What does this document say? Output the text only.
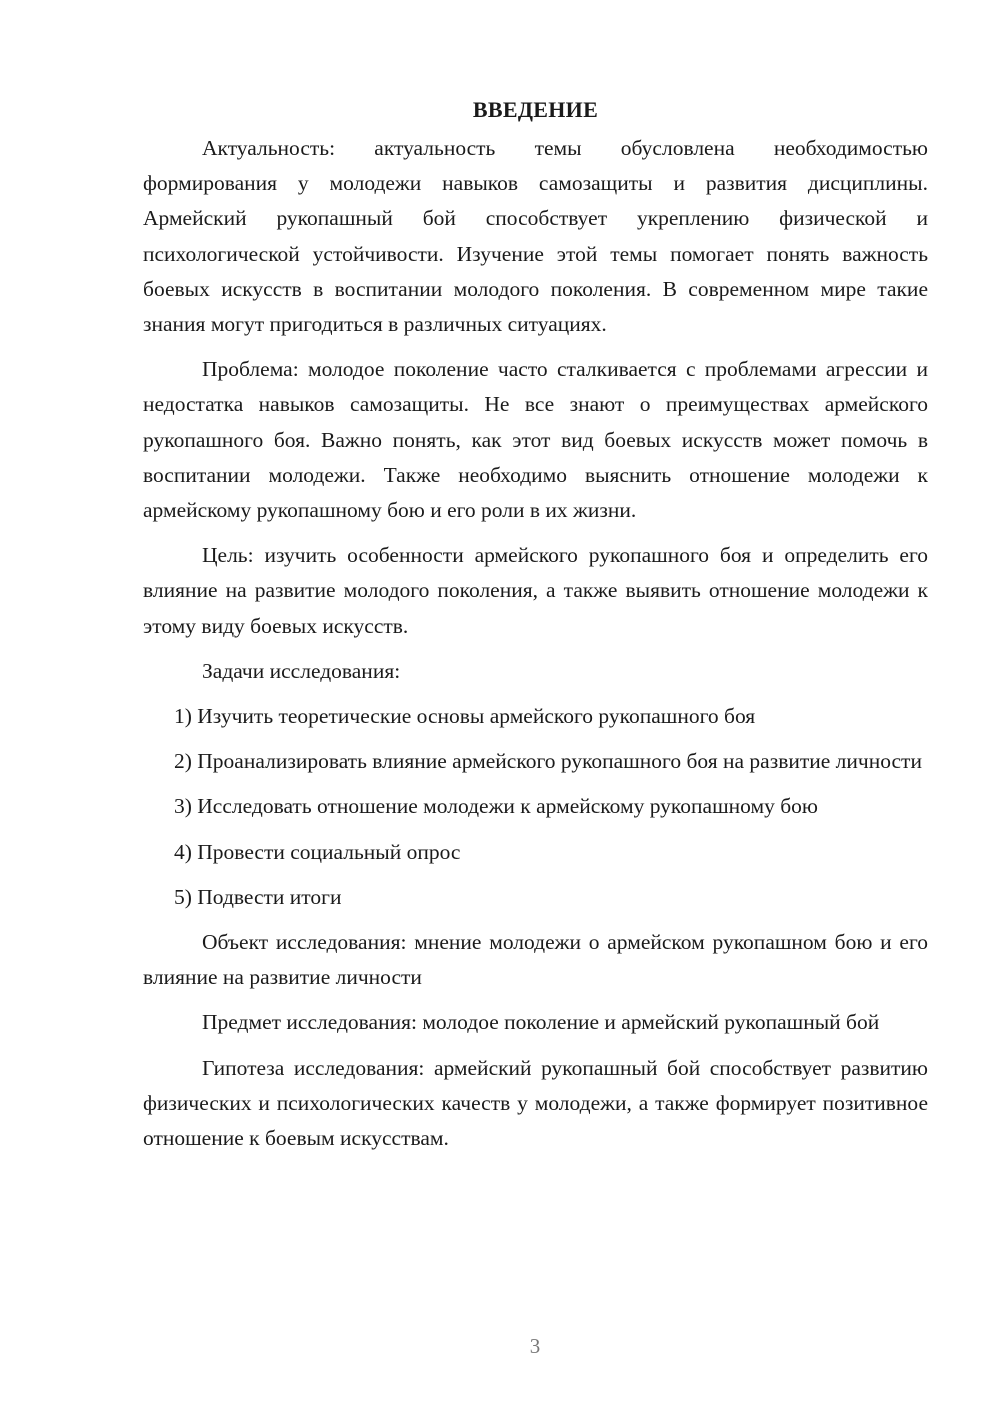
ВВЕДЕНИЕ

Актуальность: актуальность темы обусловлена необходимостью формирования у молодежи навыков самозащиты и развития дисциплины. Армейский рукопашный бой способствует укреплению физической и психологической устойчивости. Изучение этой темы помогает понять важность боевых искусств в воспитании молодого поколения. В современном мире такие знания могут пригодиться в различных ситуациях.

Проблема: молодое поколение часто сталкивается с проблемами агрессии и недостатка навыков самозащиты. Не все знают о преимуществах армейского рукопашного боя. Важно понять, как этот вид боевых искусств может помочь в воспитании молодежи. Также необходимо выяснить отношение молодежи к армейскому рукопашному бою и его роли в их жизни.

Цель: изучить особенности армейского рукопашного боя и определить его влияние на развитие молодого поколения, а также выявить отношение молодежи к этому виду боевых искусств.

Задачи исследования:

1) Изучить теоретические основы армейского рукопашного боя

2) Проанализировать влияние армейского рукопашного боя на развитие личности

3) Исследовать отношение молодежи к армейскому рукопашному бою

4) Провести социальный опрос

5) Подвести итоги

Объект исследования: мнение молодежи о армейском рукопашном бою и его влияние на развитие личности

Предмет исследования: молодое поколение и армейский рукопашный бой

Гипотеза исследования: армейский рукопашный бой способствует развитию физических и психологических качеств у молодежи, а также формирует позитивное отношение к боевым искусствам.

3
